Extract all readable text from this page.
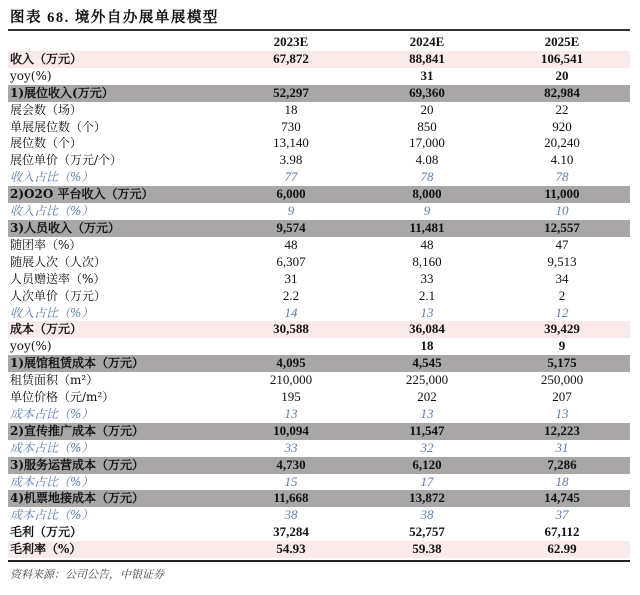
图表 68. 境外自办展单展模型
	2023E	2024E	2025E
收入（万元）	67,872	88,841	106,541
yoy(%)		31	20
1)展位收入(万元）	52,297	69,360	82,984
展会数（场）	18	20	22
单展展位数（个）	730	850	920
展位数（个）	13,140	17,000	20,240
展位单价（万元/个）	3.98	4.08	4.10
收入占比（%）	77	78	78
2)O2O 平台收入（万元）	6,000	8,000	11,000
收入占比（%）	9	9	10
3)人员收入（万元）	9,574	11,481	12,557
随团率（%）	48	48	47
随展人次（人次）	6,307	8,160	9,513
人员赠送率（%）	31	33	34
人次单价（万元）	2.2	2.1	2
收入占比（%）	14	13	12
成本（万元）	30,588	36,084	39,429
yoy(%)		18	9
1)展馆租赁成本（万元）	4,095	4,545	5,175
租赁面积（m²）	210,000	225,000	250,000
单位价格（元/m²）	195	202	207
成本占比（%）	13	13	13
2)宣传推广成本（万元）	10,094	11,547	12,223
成本占比（%）	33	32	31
3)服务运营成本（万元）	4,730	6,120	7,286
成本占比（%）	15	17	18
4)机票地接成本（万元）	11,668	13,872	14,745
成本占比（%）	38	38	37
毛利（万元）	37,284	52,757	67,112
毛利率（%）	54.93	59.38	62.99
资料来源：公司公告，中银证券
